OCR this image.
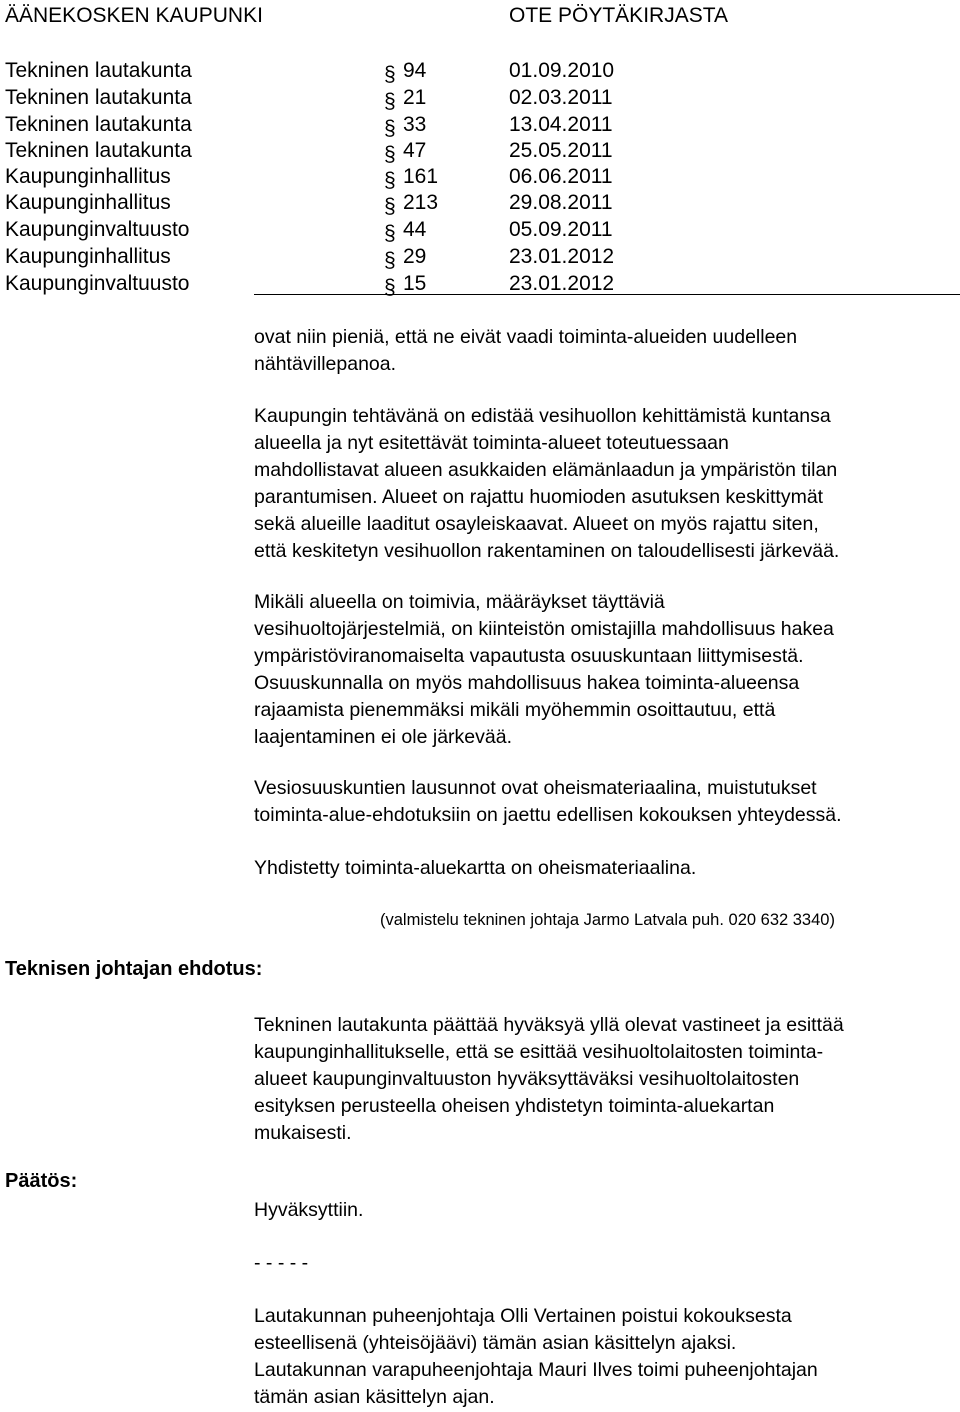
ÄÄNEKOSKEN KAUPUNKI	OTE PÖYTÄKIRJASTA
Tekninen lautakunta	§ 94	01.09.2010
Tekninen lautakunta	§ 21	02.03.2011
Tekninen lautakunta	§ 33	13.04.2011
Tekninen lautakunta	§ 47	25.05.2011
Kaupunginhallitus	§ 161	06.06.2011
Kaupunginhallitus	§ 213	29.08.2011
Kaupunginvaltuusto	§ 44	05.09.2011
Kaupunginhallitus	§ 29	23.01.2012
Kaupunginvaltuusto	§ 15	23.01.2012
ovat niin pieniä, että ne eivät vaadi toiminta-alueiden uudelleen
nähtävillepanoa.
Kaupungin tehtävänä on edistää vesihuollon kehittämistä kuntansa
alueella ja nyt esitettävät toiminta-alueet toteutuessaan
mahdollistavat alueen asukkaiden elämänlaadun ja ympäristön tilan
parantumisen. Alueet on rajattu huomioden asutuksen keskittymät
sekä alueille laaditut osayleiskaavat. Alueet on myös rajattu siten,
että keskitetyn vesihuollon rakentaminen on taloudellisesti järkevää.
Mikäli alueella on toimivia, määräykset täyttäviä
vesihuoltojärjestelmiä, on kiinteistön omistajilla mahdollisuus hakea
ympäristöviranomaiselta vapautusta osuuskuntaan liittymisestä.
Osuuskunnalla on myös mahdollisuus hakea toiminta-alueensa
rajaamista pienemmäksi mikäli myöhemmin osoittautuu, että
laajentaminen ei ole järkevää.
Vesiosuuskuntien lausunnot ovat oheismateriaalina, muistutukset
toiminta-alue-ehdotuksiin on jaettu edellisen kokouksen yhteydessä.
Yhdistetty toiminta-aluekartta on oheismateriaalina.
(valmistelu tekninen johtaja Jarmo Latvala puh. 020 632 3340)
Teknisen johtajan ehdotus:
Tekninen lautakunta päättää hyväksyä yllä olevat vastineet ja esittää
kaupunginhallitukselle, että se esittää vesihuoltolaitosten toiminta-
alueet kaupunginvaltuuston hyväksyttäväksi vesihuoltolaitosten
esityksen perusteella oheisen yhdistetyn toiminta-aluekartan
mukaisesti.
Päätös:
Hyväksyttiin.
- - - - -
Lautakunnan puheenjohtaja Olli Vertainen poistui kokouksesta
esteellisenä (yhteisöjäävi) tämän asian käsittelyn ajaksi.
Lautakunnan varapuheenjohtaja Mauri Ilves toimi puheenjohtajan
tämän asian käsittelyn ajan.
